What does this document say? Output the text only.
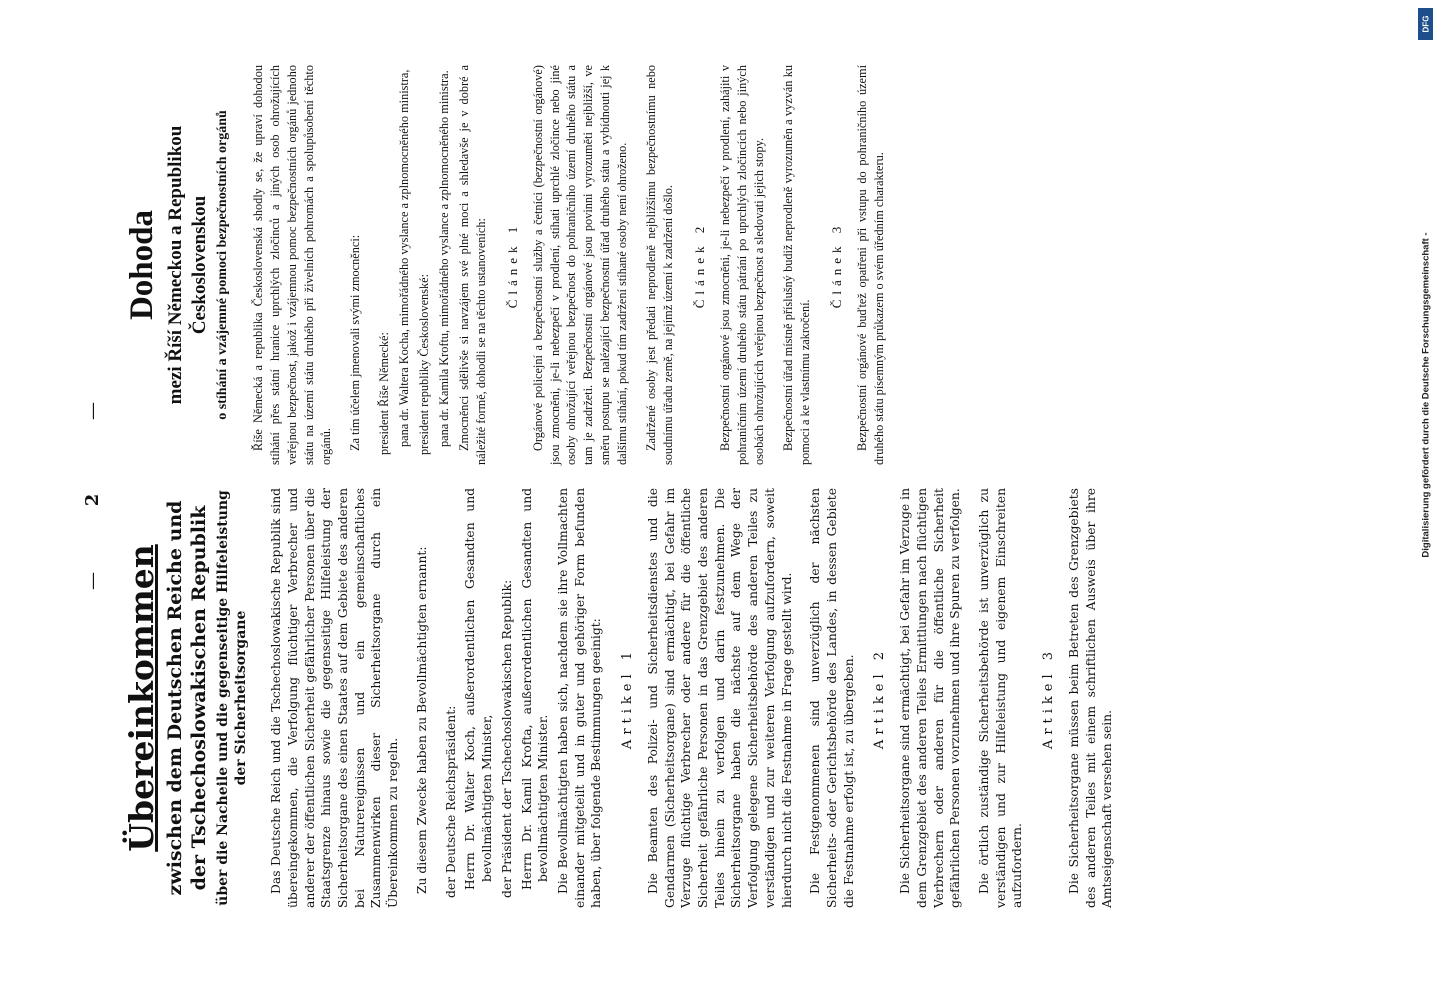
—
2
—
Übereinkommen zwischen dem Deutschen Reiche und der Tschechoslowakischen Republik über die Nacheile und die gegenseitige Hilfeleistung der Sicherheitsorgane Das Deutsche Reich und die Tschechoslowakische Republik sind übereingekommen, die Verfolgung flüchtiger Verbrecher und anderer der öffentlichen Sicherheit gefährlicher Personen über die Staatsgrenze hinaus sowie die gegenseitige Hilfeleistung der Sicherheitsorgane des einen Staates auf dem Gebiete des anderen bei Naturereignissen und ein gemeinschaftliches Zusammenwirken dieser Sicherheitsorgane durch ein Übereinkommen zu regeln. Zu diesem Zwecke haben zu Bevollmächtigten ernannt: der Deutsche Reichspräsident: Herrn Dr. Walter Koch, außerordentlichen Gesandten und bevollmächtigten Minister, der Präsident der Tschechoslowakischen Republik: Herrn Dr. Kamil Krofta, außerordentlichen Gesandten und bevollmächtigten Minister. Die Bevollmächtigten haben sich, nachdem sie ihre Vollmachten einander mitgeteilt und in guter und gehöriger Form befunden haben, über folgende Bestimmungen geeinigt: Artikel 1 Die Beamten des Polizei- und Sicherheitsdienstes und die Gendarmen (Sicherheitsorgane) sind ermächtigt, bei Gefahr im Verzuge flüchtige Verbrecher oder andere für die öffentliche Sicherheit gefährliche Personen in das Grenzgebiet des anderen Teiles hinein zu verfolgen und darin festzunehmen. Die Sicherheitsorgane haben die nächste auf dem Wege der Verfolgung gelegene Sicherheitsbehörde des anderen Teiles zu verständigen und zur weiteren Verfolgung aufzufordern, soweit hierdurch nicht die Festnahme in Frage gestellt wird. Die Festgenommenen sind unverzüglich der nächsten Sicherheits- oder Gerichtsbehörde des Landes, in dessen Gebiete die Festnahme erfolgt ist, zu übergeben. Artikel 2 Die Sicherheitsorgane sind ermächtigt, bei Gefahr im Verzuge in dem Grenzgebiet des anderen Teiles Ermittlungen nach flüchtigen Verbrechern oder anderen für die öffentliche Sicherheit gefährlichen Personen vorzunehmen und ihre Spuren zu verfolgen. Die örtlich zuständige Sicherheitsbehörde ist unverzüglich zu verständigen und zur Hilfeleistung und eigenem Einschreiten aufzufordern.

Artikel 3 Die Sicherheitsorgane müssen beim Betreten des Grenzgebiets des anderen Teiles mit einem schriftlichen Ausweis über ihre Amtseigenschaft versehen sein.

Dohoda mezi Říší Německou a Republikou Československou o stíhání a vzájemné pomoci bezpečnostních orgánů Říše Německá a republika Československá shodly se, že upraví dohodou stíhání přes státní hranice uprchlých zločinců a jiných osob ohrožujících veřejnou bezpečnost, jakož i vzájemnou pomoc bezpečnostních orgánů jednoho státu na území státu druhého při živelních pohromách a spolupůsobení těchto orgánů. Za tím účelem jmenovali svými zmocněnci: president Říše Německé: pana dr. Waltera Kocha, mimořádného vyslance a zplnomocněného ministra, president republiky Československé: pana dr. Kamila Kroftu, mimořádného vyslance a zplnomocněného ministra. Zmocněnci sdělivše si navzájem své plné moci a shledavše je v dobré a náležité formě, dohodli se na těchto ustanoveních: Článek 1 Orgánové policejní a bezpečnostní služby a četníci (bezpečnostní orgánové) jsou zmocněni, je-li nebezpečí v prodlení, stíhati uprchlé zločince nebo jiné osoby ohrožující veřejnou bezpečnost do pohraničního území druhého státu a tam je zadržeti. Bezpečnostní orgánové jsou povinni vyrozuměti nejbližší, ve směru postupu se nalézající bezpečnostní úřad druhého státu a vybídnouti jej k dalšímu stíhání, pokud tím zadržení stíhané osoby není ohroženo. Zadržené osoby jest předati neprodleně nejbližšímu bezpečnostnímu nebo soudnímu úřadu země, na jejímž území k zadržení došlo. Článek 2 Bezpečnostní orgánové jsou zmocněni, je-li nebezpečí v prodlení, zahájiti v pohraničním území druhého státu pátrání po uprchlých zločincích nebo jiných osobách ohrožujících veřejnou bezpečnost a sledovati jejich stopy. Bezpečnostní úřad místně příslušný budiž neprodleně vyrozuměn a vyzván ku pomoci a ke vlastnímu zakročení.

Článek 3 Bezpečnostní orgánové buďtež opatřeni při vstupu do pohraničního území druhého státu písemným průkazem o svém úředním charakteru.

DFG
Digitalisierung gefördert durch die Deutsche Forschungsgemeinschaft -
